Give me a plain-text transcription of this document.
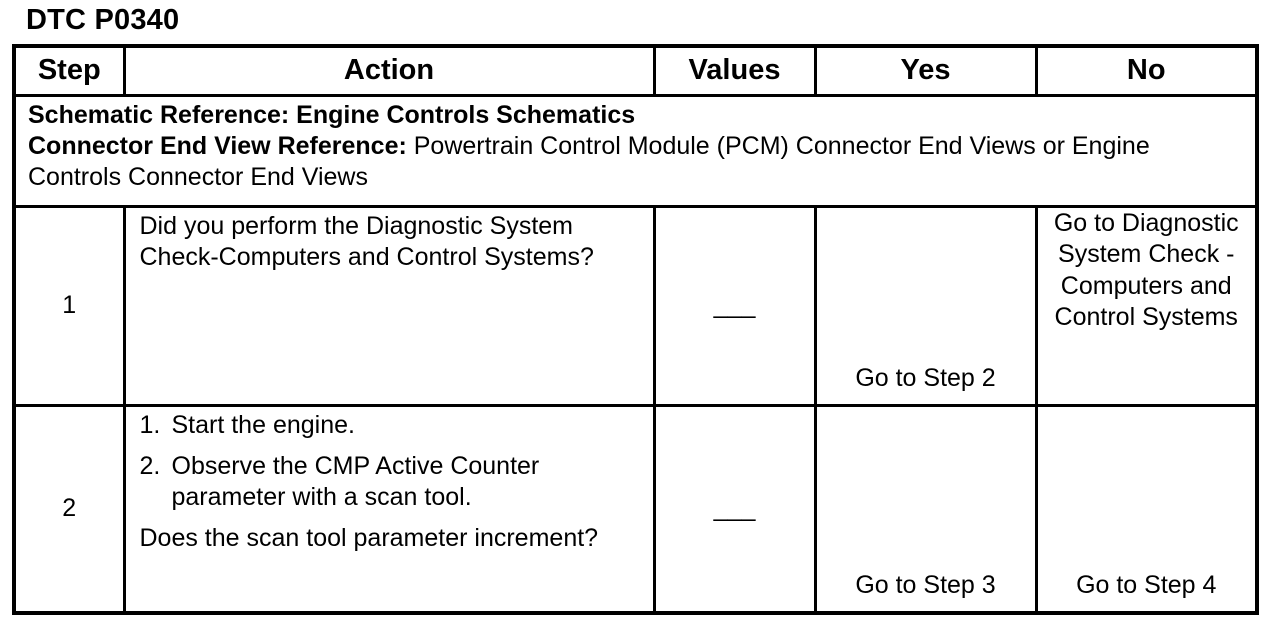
DTC P0340
Step	Action	Values	Yes	No

Schematic Reference: Engine Controls Schematics
Connector End View Reference: Powertrain Control Module (PCM) Connector End Views or Engine Controls Connector End Views				

1	Did you perform the Diagnostic System Check-Computers and Control Systems?	___	Go to Step 2	Go to Diagnostic System Check - Computers and Control Systems
2	1. Start the engine.
2. Observe the CMP Active Counter parameter with a scan tool.
Does the scan tool parameter increment?	___	Go to Step 3	Go to Step 4
